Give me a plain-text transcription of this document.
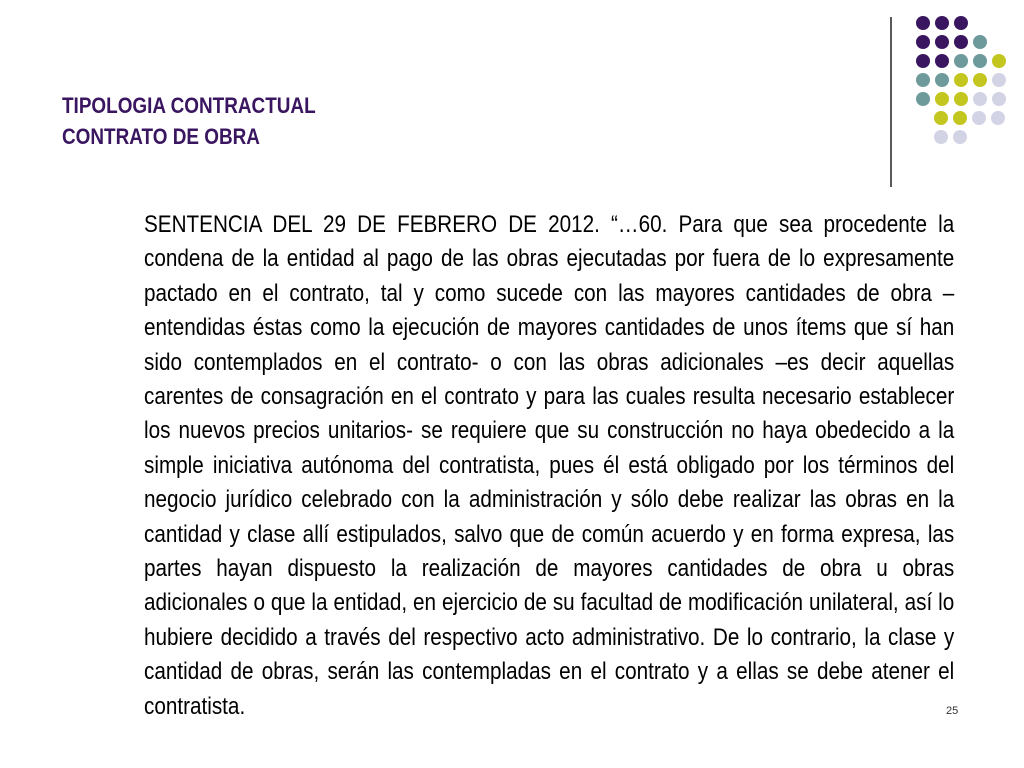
TIPOLOGIA CONTRACTUAL
CONTRATO DE OBRA
SENTENCIA DEL 29 DE FEBRERO DE 2012. “…60. Para que sea procedente la condena de la entidad al pago de las obras ejecutadas por fuera de lo expresamente pactado en el contrato, tal y como sucede con las mayores cantidades de obra –entendidas éstas como la ejecución de mayores cantidades de unos ítems que sí han sido contemplados en el contrato- o con las obras adicionales –es decir aquellas carentes de consagración en el contrato y para las cuales resulta necesario establecer los nuevos precios unitarios- se requiere que su construcción no haya obedecido a la simple iniciativa autónoma del contratista, pues él está obligado por los términos del negocio jurídico celebrado con la administración y sólo debe realizar las obras en la cantidad y clase allí estipulados, salvo que de común acuerdo y en forma expresa, las partes hayan dispuesto la realización de mayores cantidades de obra u obras adicionales o que la entidad, en ejercicio de su facultad de modificación unilateral, así lo hubiere decidido a través del respectivo acto administrativo. De lo contrario, la clase y cantidad de obras, serán las contempladas en el contrato y a ellas se debe atener el contratista.	25
